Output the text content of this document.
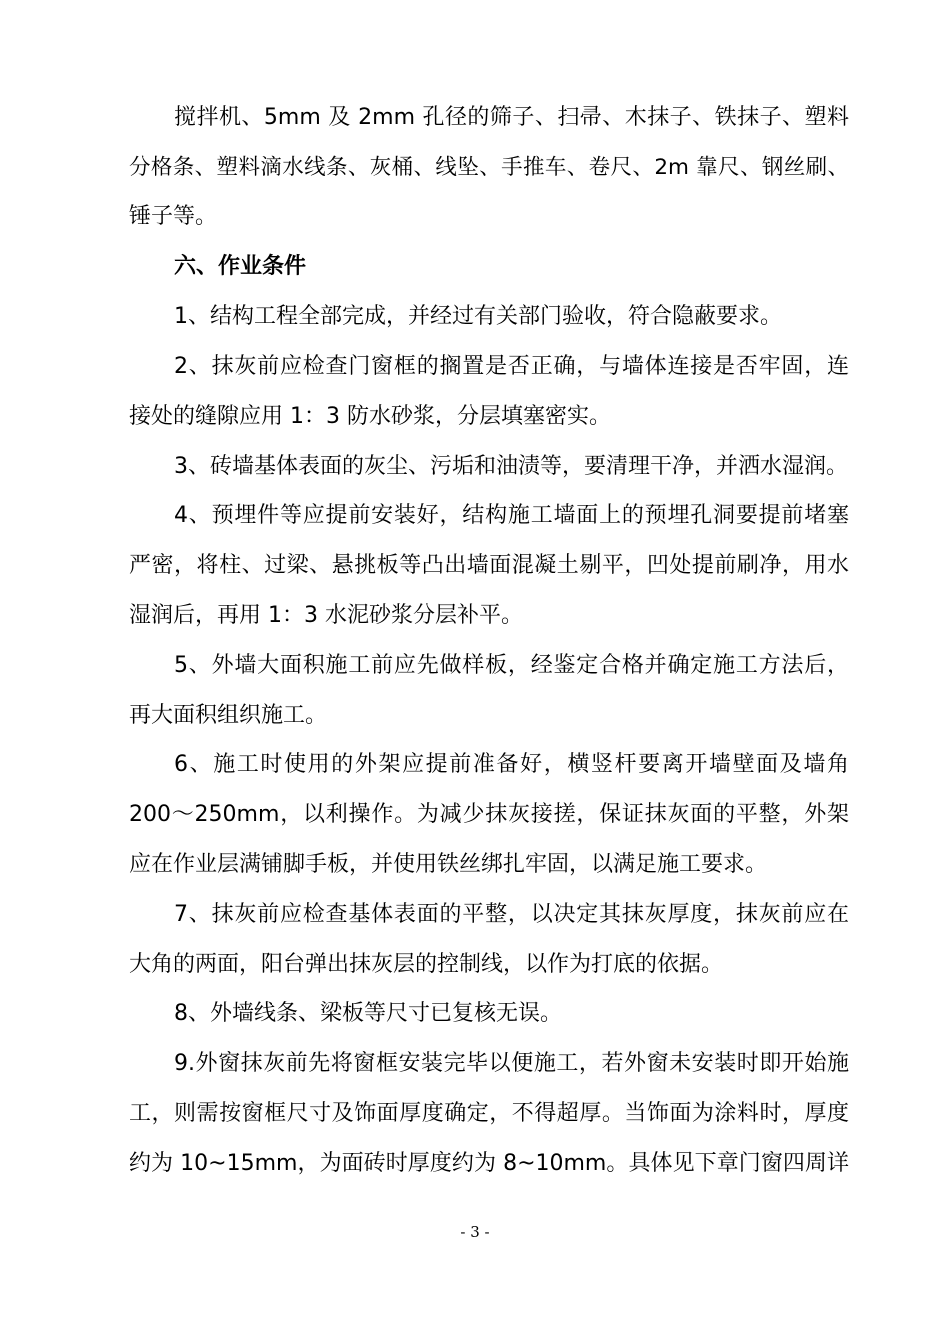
搅拌机、5mm 及 2mm 孔径的筛子、扫帚、木抹子、铁抹子、塑料
分格条、塑料滴水线条、灰桶、线坠、手推车、卷尺、2m 靠尺、钢丝刷、
锤子等。
六、作业条件
1、结构工程全部完成，并经过有关部门验收，符合隐蔽要求。
2、抹灰前应检查门窗框的搁置是否正确，与墙体连接是否牢固，连
接处的缝隙应用 1：3 防水砂浆，分层填塞密实。
3、砖墙基体表面的灰尘、污垢和油渍等，要清理干净，并洒水湿润。
4、预埋件等应提前安装好，结构施工墙面上的预埋孔洞要提前堵塞
严密，将柱、过梁、悬挑板等凸出墙面混凝土剔平，凹处提前刷净，用水
湿润后，再用 1：3 水泥砂浆分层补平。
5、外墙大面积施工前应先做样板，经鉴定合格并确定施工方法后，
再大面积组织施工。
6、施工时使用的外架应提前准备好，横竖杆要离开墙壁面及墙角
200～250mm，以利操作。为减少抹灰接搓，保证抹灰面的平整，外架
应在作业层满铺脚手板，并使用铁丝绑扎牢固，以满足施工要求。
7、抹灰前应检查基体表面的平整，以决定其抹灰厚度，抹灰前应在
大角的两面，阳台弹出抹灰层的控制线，以作为打底的依据。
8、外墙线条、梁板等尺寸已复核无误。
9.外窗抹灰前先将窗框安装完毕以便施工，若外窗未安装时即开始施
工，则需按窗框尺寸及饰面厚度确定，不得超厚。当饰面为涂料时，厚度
约为 10~15mm，为面砖时厚度约为 8~10mm。具体见下章门窗四周详
- 3 -
